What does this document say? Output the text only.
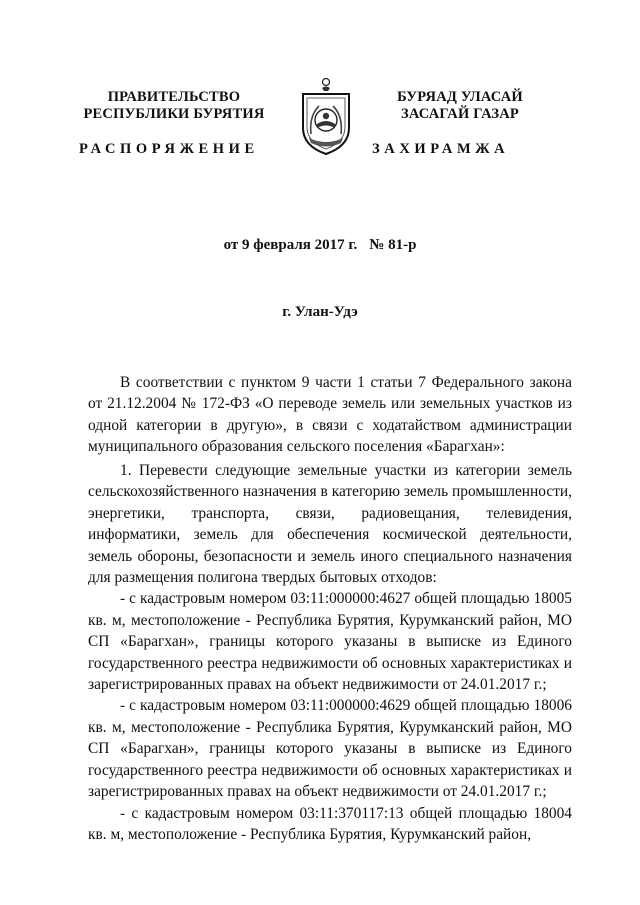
ПРАВИТЕЛЬСТВО
РЕСПУБЛИКИ БУРЯТИЯ
БУРЯАД УЛАСАЙ
ЗАСАГАЙ ГАЗАР
РАСПОРЯЖЕНИЕ	ЗАХИРАМЖА
от 9 февраля 2017 г. № 81-р
г. Улан-Удэ

В соответствии с пунктом 9 части 1 статьи 7 Федерального закона от 21.12.2004 № 172-ФЗ «О переводе земель или земельных участков из одной категории в другую», в связи с ходатайством администрации муниципального образования сельского поселения «Барагхан»:

1. Перевести следующие земельные участки из категории земель сельскохозяйственного назначения в категорию земель промышленности, энергетики, транспорта, связи, радиовещания, телевидения, информатики, земель для обеспечения космической деятельности, земель обороны, безопасности и земель иного специального назначения для размещения полигона твердых бытовых отходов:

- с кадастровым номером 03:11:000000:4627 общей площадью 18005 кв. м, местоположение - Республика Бурятия, Курумканский район, МО СП «Барагхан», границы которого указаны в выписке из Единого государственного реестра недвижимости об основных характеристиках и зарегистрированных правах на объект недвижимости от 24.01.2017 г.;

- с кадастровым номером 03:11:000000:4629 общей площадью 18006 кв. м, местоположение - Республика Бурятия, Курумканский район, МО СП «Барагхан», границы которого указаны в выписке из Единого государственного реестра недвижимости об основных характеристиках и зарегистрированных правах на объект недвижимости от 24.01.2017 г.;

- с кадастровым номером 03:11:370117:13 общей площадью 18004 кв. м, местоположение - Республика Бурятия, Курумканский район,
